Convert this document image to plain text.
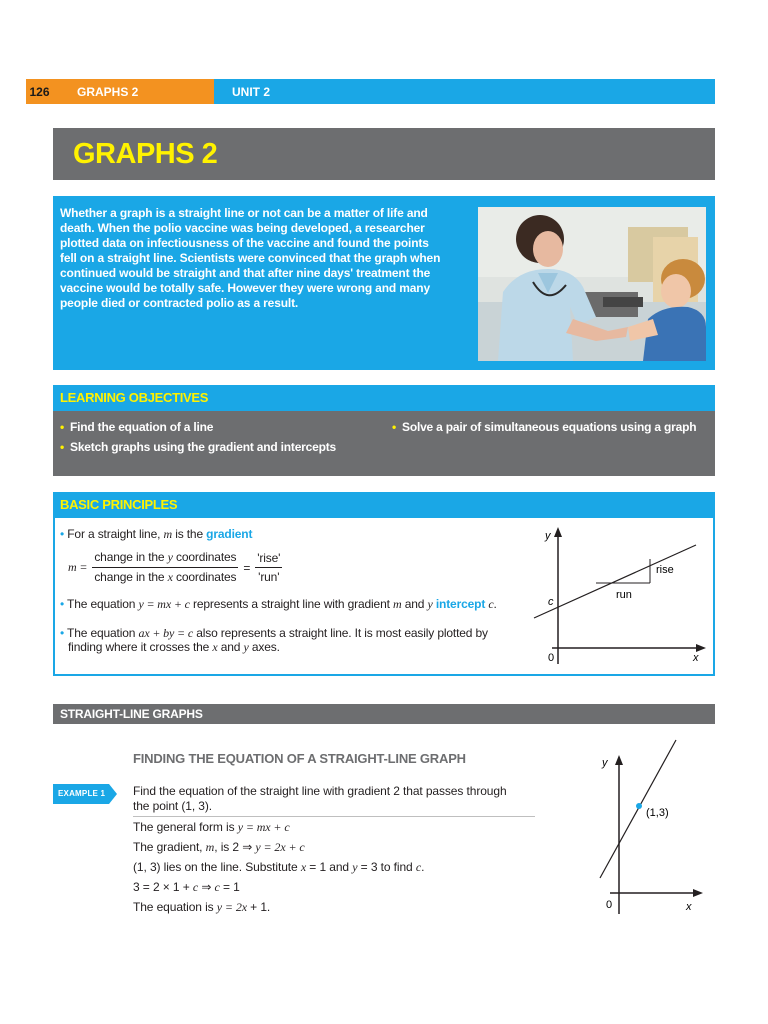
126	GRAPHS 2	UNIT 2
GRAPHS 2
Whether a graph is a straight line or not can be a matter of life and
death. When the polio vaccine was being developed, a researcher
plotted data on infectiousness of the vaccine and found the points
fell on a straight line. Scientists were convinced that the graph when
continued would be straight and that after nine days' treatment the
vaccine would be totally safe. However they were wrong and many
people died or contracted polio as a result.
LEARNING OBJECTIVES
• Find the equation of a line
• Sketch graphs using the gradient and intercepts
• Solve a pair of simultaneous equations using a graph
BASIC PRINCIPLES
• For a straight line, m is the gradient
$m = \frac{\text{change in the y coordinates}}{\text{change in the x coordinates}} = \frac{\text{'rise'}}{\text{'run'}}$
• The equation y = mx + c represents a straight line with gradient m and y intercept c.
• The equation ax + by = c also represents a straight line. It is most easily plotted by
finding where it crosses the x and y axes.
y
x
0
c
rise
run
STRAIGHT-LINE GRAPHS
FINDING THE EQUATION OF A STRAIGHT-LINE GRAPH
EXAMPLE 1 Find the equation of the straight line with gradient 2 that passes through
the point (1, 3).
The general form is y = mx + c
The gradient, m, is 2 ⇒ y = 2x + c
(1, 3) lies on the line. Substitute x = 1 and y = 3 to find c.
3 = 2 × 1 + c ⇒ c = 1
The equation is y = 2x + 1.
(1,3)
y
x
0
